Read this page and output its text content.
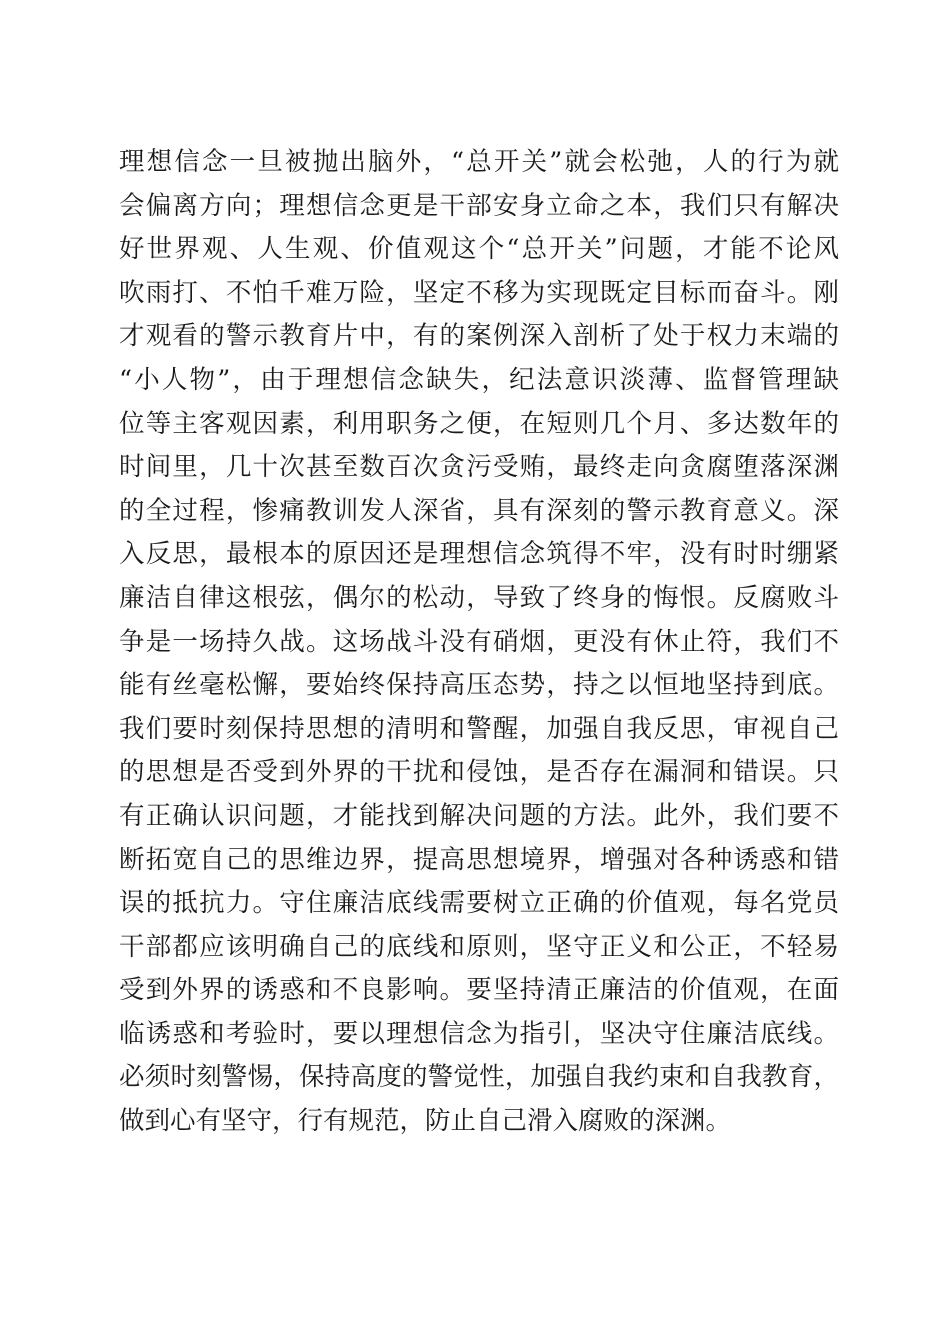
理想信念一旦被抛出脑外，“总开关”就会松弛，人的行为就
会偏离方向；理想信念更是干部安身立命之本，我们只有解决
好世界观、人生观、价值观这个“总开关”问题，才能不论风
吹雨打、不怕千难万险，坚定不移为实现既定目标而奋斗。刚
才观看的警示教育片中，有的案例深入剖析了处于权力末端的
“小人物”，由于理想信念缺失，纪法意识淡薄、监督管理缺
位等主客观因素，利用职务之便，在短则几个月、多达数年的
时间里，几十次甚至数百次贪污受贿，最终走向贪腐堕落深渊
的全过程，惨痛教训发人深省，具有深刻的警示教育意义。深
入反思，最根本的原因还是理想信念筑得不牢，没有时时绷紧
廉洁自律这根弦，偶尔的松动，导致了终身的悔恨。反腐败斗
争是一场持久战。这场战斗没有硝烟，更没有休止符，我们不
能有丝毫松懈，要始终保持高压态势，持之以恒地坚持到底。
我们要时刻保持思想的清明和警醒，加强自我反思，审视自己
的思想是否受到外界的干扰和侵蚀，是否存在漏洞和错误。只
有正确认识问题，才能找到解决问题的方法。此外，我们要不
断拓宽自己的思维边界，提高思想境界，增强对各种诱惑和错
误的抵抗力。守住廉洁底线需要树立正确的价值观，每名党员
干部都应该明确自己的底线和原则，坚守正义和公正，不轻易
受到外界的诱惑和不良影响。要坚持清正廉洁的价值观，在面
临诱惑和考验时，要以理想信念为指引，坚决守住廉洁底线。
必须时刻警惕，保持高度的警觉性，加强自我约束和自我教育，
做到心有坚守，行有规范，防止自己滑入腐败的深渊。
